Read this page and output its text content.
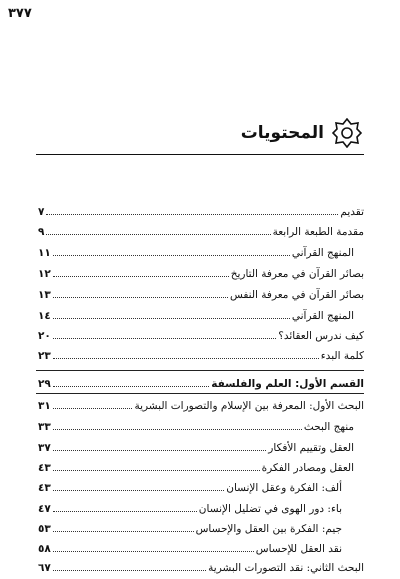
٣٧٧
المحتويات
تقديم
٧
مقدمة الطبعة الرابعة
٩
المنهج القرآني
١١
بصائر القرآن في معرفة التاريخ
١٢
بصائر القرآن في معرفة النفس
١٣
المنهج القرآني
١٤
كيف ندرس العقائد؟
٢٠
كلمة البدء
٢٣
القسم الأول: العلم والفلسفة
٢٩
البحث الأول: المعرفة بين الإسلام والتصورات البشرية
٣١
منهج البحث
٣٣
العقل وتقييم الأفكار
٣٧
العقل ومصادر الفكرة
٤٣
ألف: الفكرة وعقل الإنسان
٤٣
باء: دور الهوى في تضليل الإنسان
٤٧
جيم: الفكرة بين العقل والإحساس
٥٣
نقد العقل للإحساس
٥٨
البحث الثاني: نقد التصورات البشرية
٦٧
